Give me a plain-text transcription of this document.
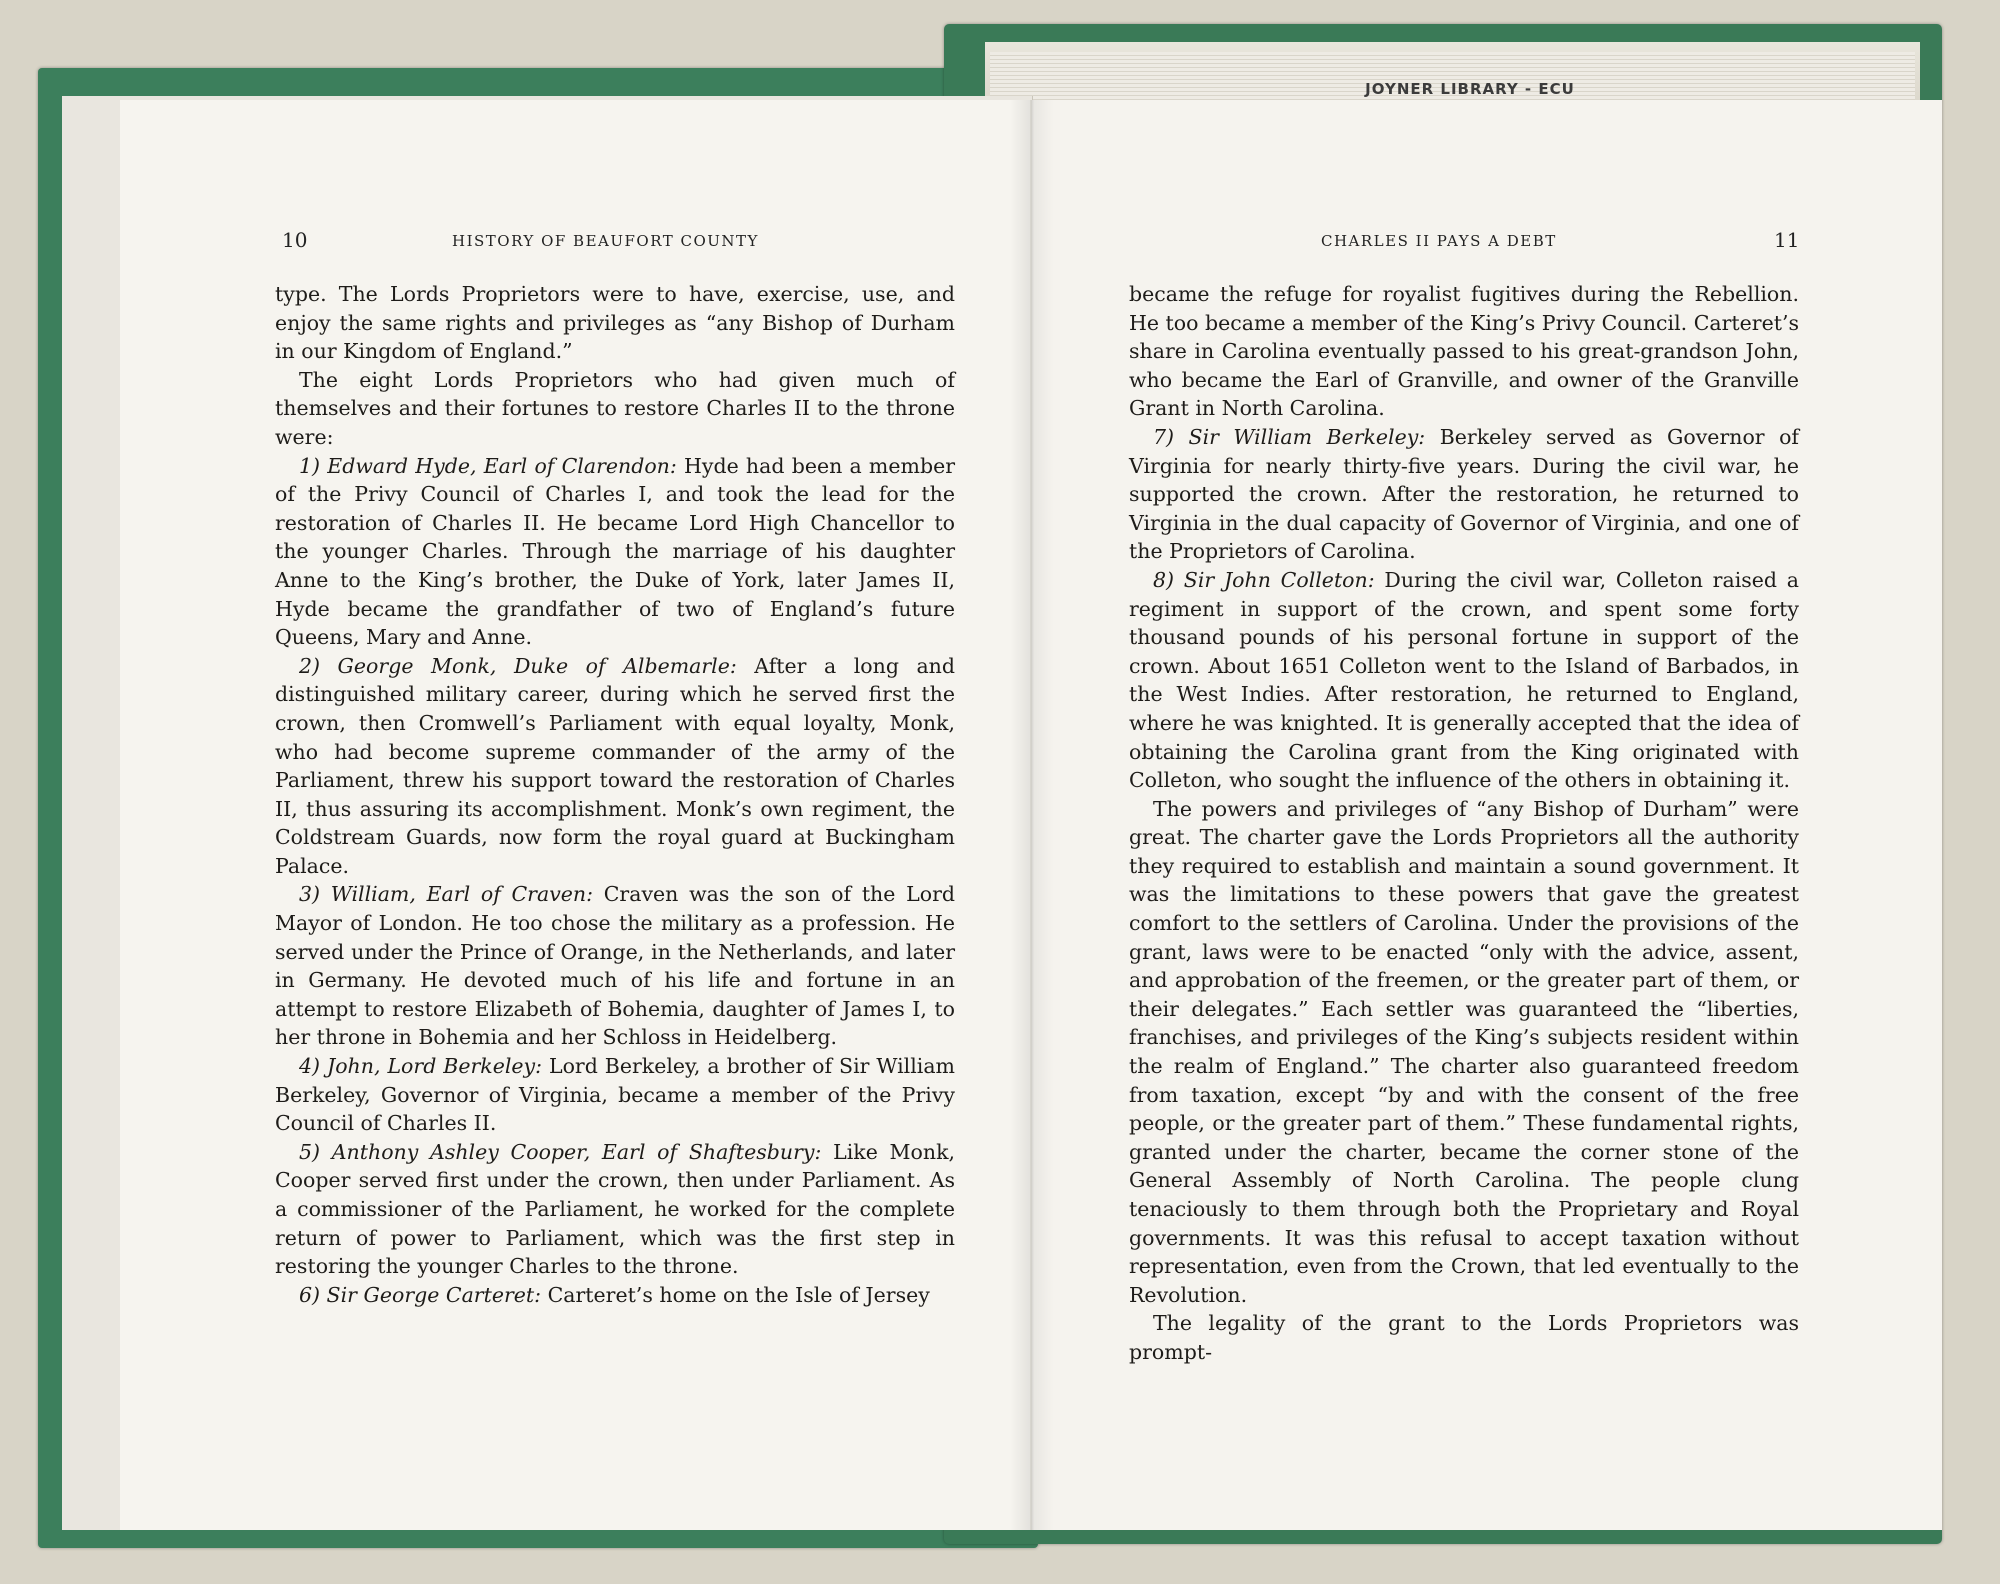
JOYNER LIBRARY - ECU
10	HISTORY OF BEAUFORT COUNTY

type. The Lords Proprietors were to have, exercise, use, and enjoy the same rights and privileges as “any Bishop of Durham in our Kingdom of England.”

The eight Lords Proprietors who had given much of themselves and their fortunes to restore Charles II to the throne were:

1) Edward Hyde, Earl of Clarendon: Hyde had been a member of the Privy Council of Charles I, and took the lead for the restoration of Charles II. He became Lord High Chancellor to the younger Charles. Through the marriage of his daughter Anne to the King’s brother, the Duke of York, later James II, Hyde became the grandfather of two of England’s future Queens, Mary and Anne.

2) George Monk, Duke of Albemarle: After a long and distinguished military career, during which he served first the crown, then Cromwell’s Parliament with equal loyalty, Monk, who had become supreme commander of the army of the Parliament, threw his support toward the restoration of Charles II, thus assuring its accomplishment. Monk’s own regiment, the Coldstream Guards, now form the royal guard at Buckingham Palace.

3) William, Earl of Craven: Craven was the son of the Lord Mayor of London. He too chose the military as a profession. He served under the Prince of Orange, in the Netherlands, and later in Germany. He devoted much of his life and fortune in an attempt to restore Elizabeth of Bohemia, daughter of James I, to her throne in Bohemia and her Schloss in Heidelberg.

4) John, Lord Berkeley: Lord Berkeley, a brother of Sir William Berkeley, Governor of Virginia, became a member of the Privy Council of Charles II.

5) Anthony Ashley Cooper, Earl of Shaftesbury: Like Monk, Cooper served first under the crown, then under Parliament. As a commissioner of the Parliament, he worked for the complete return of power to Parliament, which was the first step in restoring the younger Charles to the throne.

6) Sir George Carteret: Carteret’s home on the Isle of Jersey

CHARLES II PAYS A DEBT	11

became the refuge for royalist fugitives during the Rebellion. He too became a member of the King’s Privy Council. Carteret’s share in Carolina eventually passed to his great-grandson John, who became the Earl of Granville, and owner of the Granville Grant in North Carolina.

7) Sir William Berkeley: Berkeley served as Governor of Virginia for nearly thirty-five years. During the civil war, he supported the crown. After the restoration, he returned to Virginia in the dual capacity of Governor of Virginia, and one of the Proprietors of Carolina.

8) Sir John Colleton: During the civil war, Colleton raised a regiment in support of the crown, and spent some forty thousand pounds of his personal fortune in support of the crown. About 1651 Colleton went to the Island of Barbados, in the West Indies. After restoration, he returned to England, where he was knighted. It is generally accepted that the idea of obtaining the Carolina grant from the King originated with Colleton, who sought the influence of the others in obtaining it.

The powers and privileges of “any Bishop of Durham” were great. The charter gave the Lords Proprietors all the authority they required to establish and maintain a sound government. It was the limitations to these powers that gave the greatest comfort to the settlers of Carolina. Under the provisions of the grant, laws were to be enacted “only with the advice, assent, and approbation of the freemen, or the greater part of them, or their delegates.” Each settler was guaranteed the “liberties, franchises, and privileges of the King’s subjects resident within the realm of England.” The charter also guaranteed freedom from taxation, except “by and with the consent of the free people, or the greater part of them.” These fundamental rights, granted under the charter, became the corner stone of the General Assembly of North Carolina. The people clung tenaciously to them through both the Proprietary and Royal governments. It was this refusal to accept taxation without representation, even from the Crown, that led eventually to the Revolution.

The legality of the grant to the Lords Proprietors was prompt-
